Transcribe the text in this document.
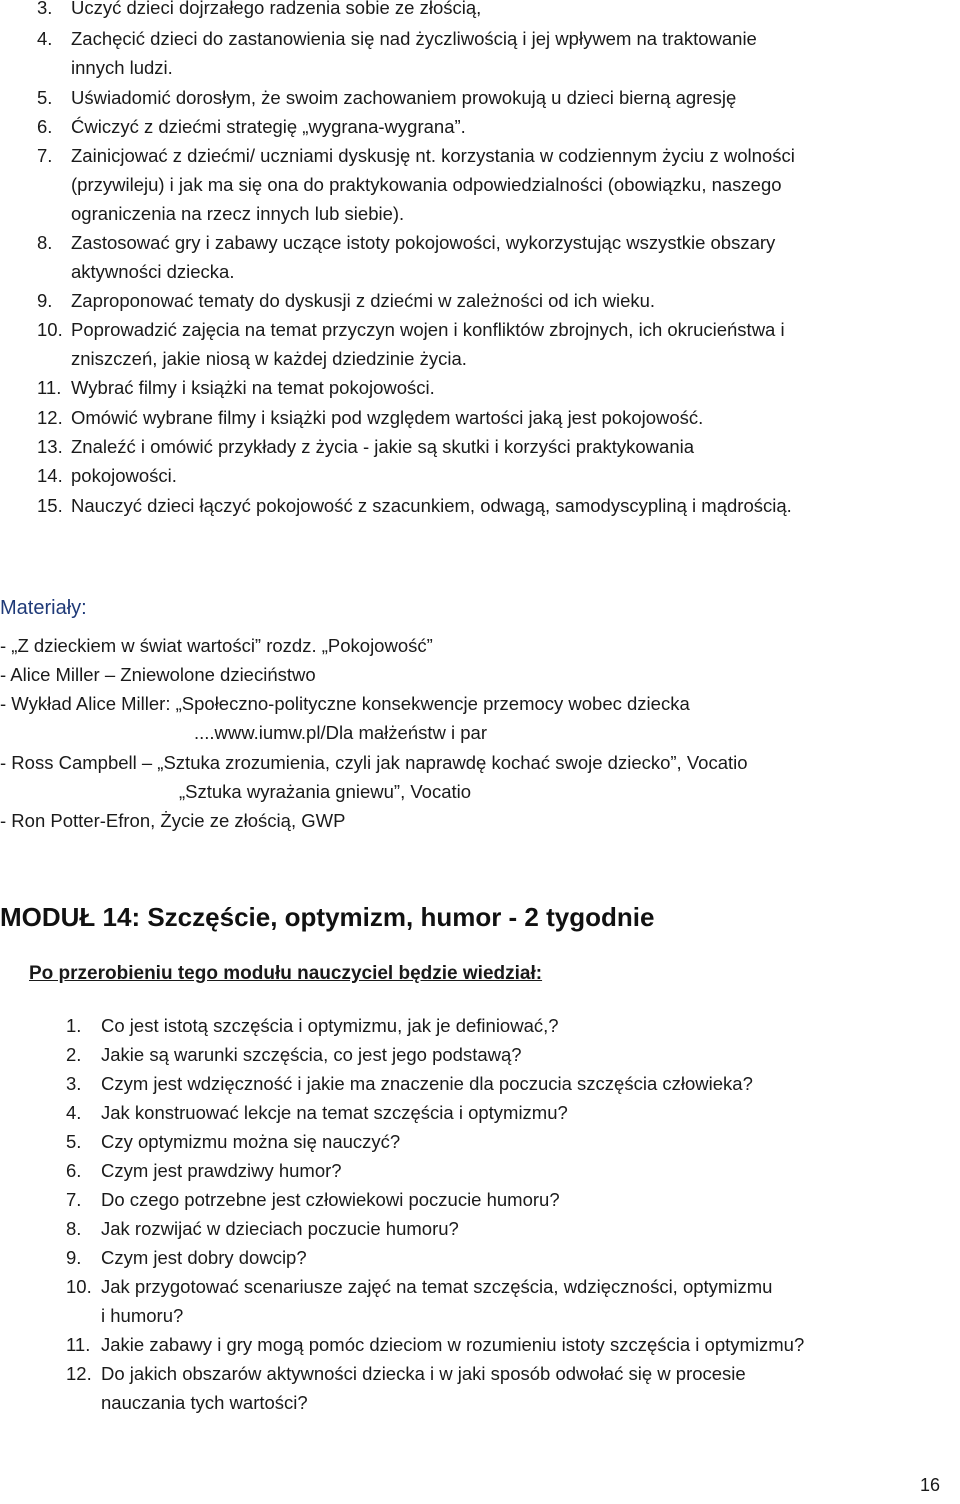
3. Uczyć dzieci dojrzałego radzenia sobie ze złością,
4. Zachęcić dzieci do zastanowienia się nad życzliwością i jej wpływem na traktowanie
innych ludzi.
5. Uświadomić dorosłym, że swoim zachowaniem prowokują u dzieci bierną agresję
6. Ćwiczyć z dziećmi strategię „wygrana-wygrana”.
7. Zainicjować z dziećmi/ uczniami dyskusję nt. korzystania w codziennym życiu z wolności
(przywileju) i jak ma się ona do praktykowania odpowiedzialności (obowiązku, naszego
ograniczenia na rzecz innych lub siebie).
8. Zastosować gry i zabawy uczące istoty pokojowości, wykorzystując wszystkie obszary
aktywności dziecka.
9. Zaproponować tematy do dyskusji z dziećmi w zależności od ich wieku.
10. Poprowadzić zajęcia na temat przyczyn wojen i konfliktów zbrojnych, ich okrucieństwa i
zniszczeń, jakie niosą w każdej dziedzinie życia.
11. Wybrać filmy i książki na temat pokojowości.
12. Omówić wybrane filmy i książki pod względem wartości jaką jest pokojowość.
13. Znaleźć i omówić przykłady z życia - jakie są skutki i korzyści praktykowania
14. pokojowości.
15. Nauczyć dzieci łączyć pokojowość z szacunkiem, odwagą, samodyscypliną i mądrością.
Materiały:
- „Z dzieckiem w świat wartości” rozdz. „Pokojowość”
- Alice Miller – Zniewolone dzieciństwo
- Wykład Alice Miller: „Społeczno-polityczne konsekwencje przemocy wobec dziecka
....www.iumw.pl/Dla małżeństw i par
- Ross Campbell – „Sztuka zrozumienia, czyli jak naprawdę kochać swoje dziecko”, Vocatio
„Sztuka wyrażania gniewu”, Vocatio
- Ron Potter-Efron, Życie ze złością, GWP
MODUŁ 14: Szczęście, optymizm, humor - 2 tygodnie
Po przerobieniu tego modułu nauczyciel będzie wiedział:
1. Co jest istotą szczęścia i optymizmu, jak je definiować,?
2. Jakie są warunki szczęścia, co jest jego podstawą?
3. Czym jest wdzięczność i jakie ma znaczenie dla poczucia szczęścia człowieka?
4. Jak konstruować lekcje na temat szczęścia i optymizmu?
5. Czy optymizmu można się nauczyć?
6. Czym jest prawdziwy humor?
7. Do czego potrzebne jest człowiekowi poczucie humoru?
8. Jak rozwijać w dzieciach poczucie humoru?
9. Czym jest dobry dowcip?
10. Jak przygotować scenariusze zajęć na temat szczęścia, wdzięczności, optymizmu
i humoru?
11. Jakie zabawy i gry mogą pomóc dzieciom w rozumieniu istoty szczęścia i optymizmu?
12. Do jakich obszarów aktywności dziecka i w jaki sposób odwołać się w procesie
nauczania tych wartości?
16
